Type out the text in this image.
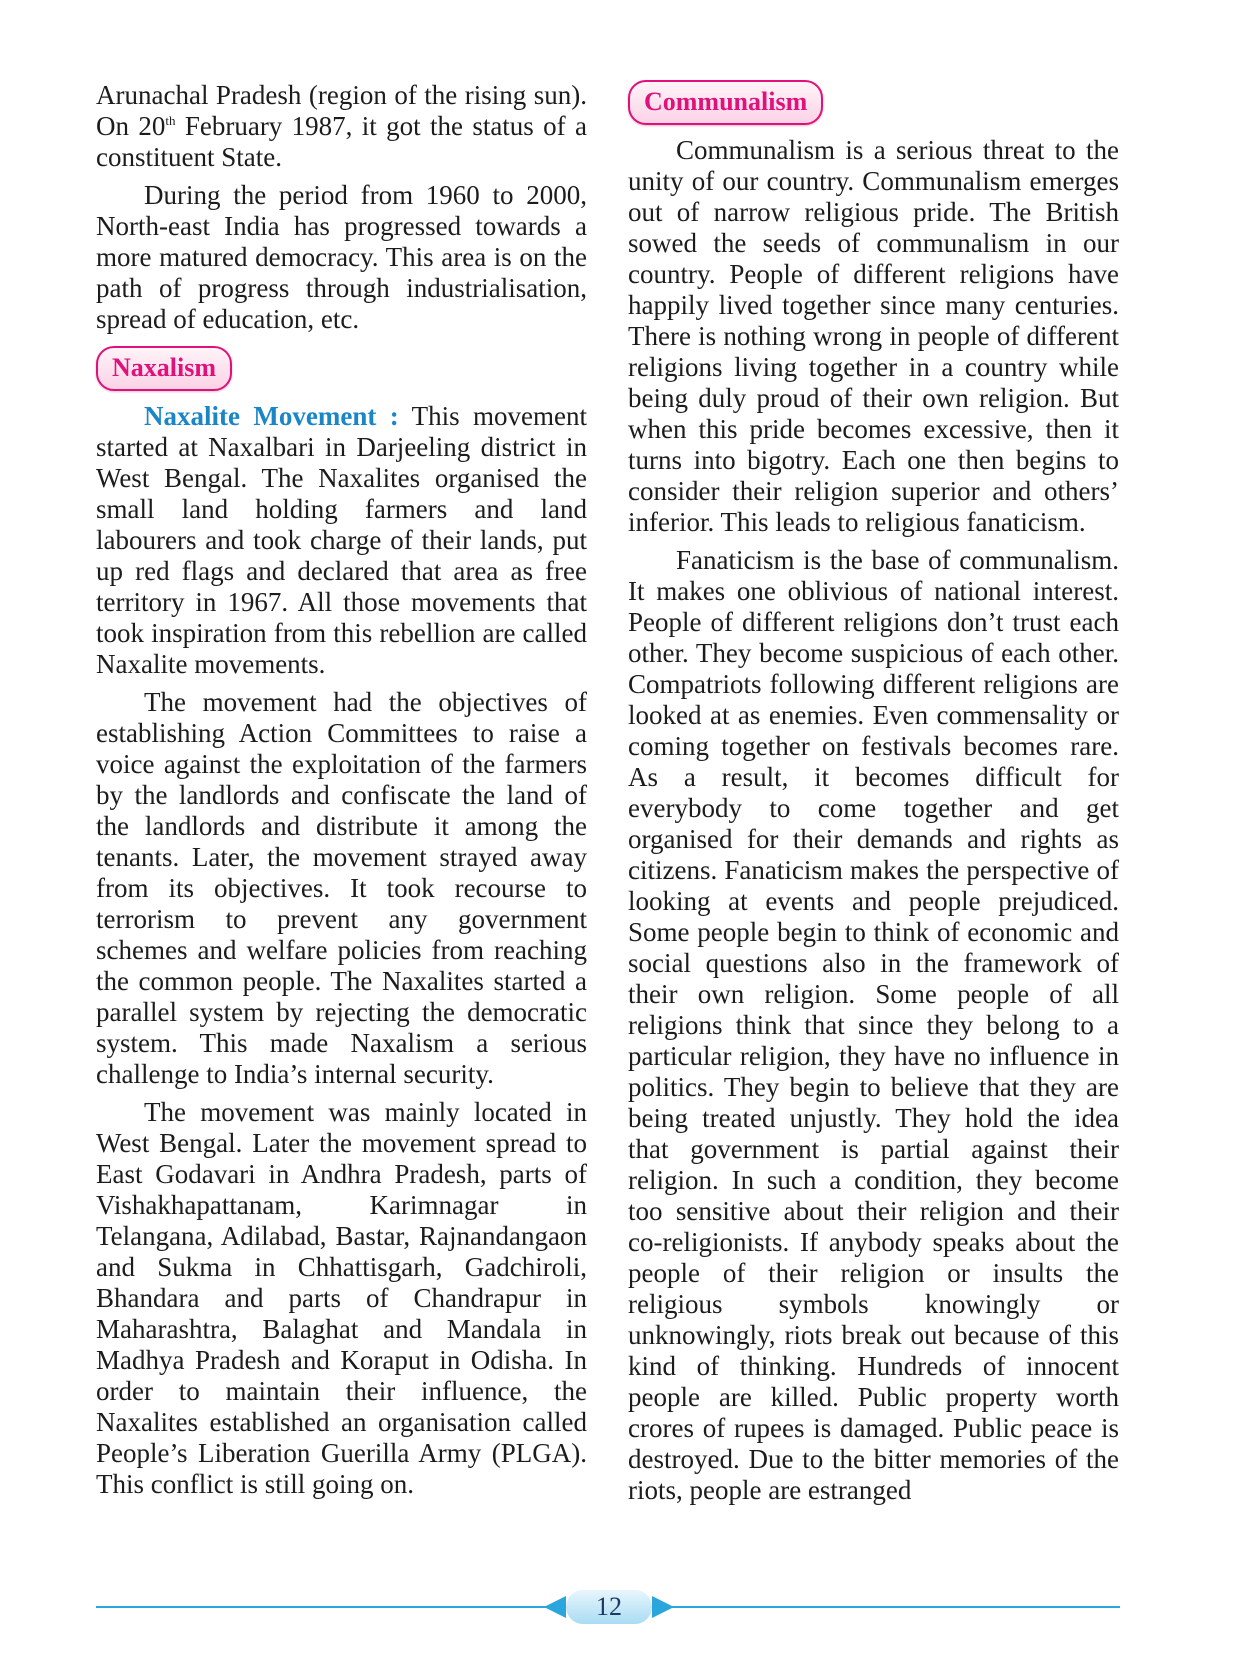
Arunachal Pradesh (region of the rising sun). On 20th February 1987, it got the status of a constituent State.

During the period from 1960 to 2000, North-east India has progressed towards a more matured democracy. This area is on the path of progress through industrialisation, spread of education, etc.

Naxalism

Naxalite Movement : This movement started at Naxalbari in Darjeeling district in West Bengal. The Naxalites organised the small land holding farmers and land labourers and took charge of their lands, put up red flags and declared that area as free territory in 1967. All those movements that took inspiration from this rebellion are called Naxalite movements.

The movement had the objectives of establishing Action Committees to raise a voice against the exploitation of the farmers by the landlords and confiscate the land of the landlords and distribute it among the tenants. Later, the movement strayed away from its objectives. It took recourse to terrorism to prevent any government schemes and welfare policies from reaching the common people. The Naxalites started a parallel system by rejecting the democratic system. This made Naxalism a serious challenge to India’s internal security.

The movement was mainly located in West Bengal. Later the movement spread to East Godavari in Andhra Pradesh, parts of Vishakhapattanam, Karimnagar in Telangana, Adilabad, Bastar, Rajnandangaon and Sukma in Chhattisgarh, Gadchiroli, Bhandara and parts of Chandrapur in Maharashtra, Balaghat and Mandala in Madhya Pradesh and Koraput in Odisha. In order to maintain their influence, the Naxalites established an organisation called People’s Liberation Guerilla Army (PLGA). This conflict is still going on.

Communalism

Communalism is a serious threat to the unity of our country. Communalism emerges out of narrow religious pride. The British sowed the seeds of communalism in our country. People of different religions have happily lived together since many centuries. There is nothing wrong in people of different religions living together in a country while being duly proud of their own religion. But when this pride becomes excessive, then it turns into bigotry. Each one then begins to consider their religion superior and others’ inferior. This leads to religious fanaticism.

Fanaticism is the base of communalism. It makes one oblivious of national interest. People of different religions don’t trust each other. They become suspicious of each other. Compatriots following different religions are looked at as enemies. Even commensality or coming together on festivals becomes rare. As a result, it becomes difficult for everybody to come together and get organised for their demands and rights as citizens. Fanaticism makes the perspective of looking at events and people prejudiced. Some people begin to think of economic and social questions also in the framework of their own religion. Some people of all religions think that since they belong to a particular religion, they have no influence in politics. They begin to believe that they are being treated unjustly. They hold the idea that government is partial against their religion. In such a condition, they become too sensitive about their religion and their co-religionists. If anybody speaks about the people of their religion or insults the religious symbols knowingly or unknowingly, riots break out because of this kind of thinking. Hundreds of innocent people are killed. Public property worth crores of rupees is damaged. Public peace is destroyed. Due to the bitter memories of the riots, people are estranged

12
